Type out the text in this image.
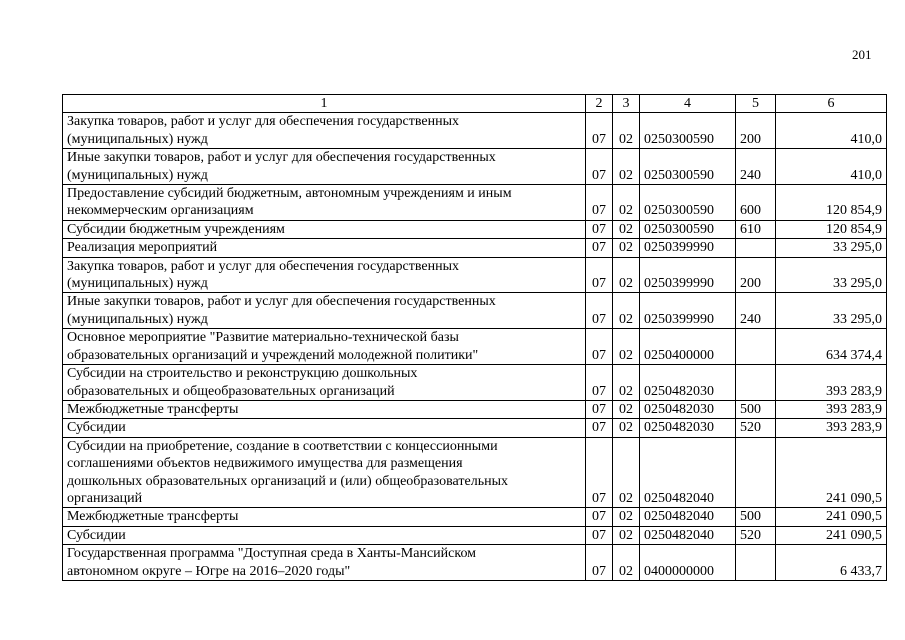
201
1	2	3	4	5	6

Закупка товаров, работ и услуг для обеспечения государственных
(муниципальных) нужд	07	02	0250300590	200	410,0

Иные закупки товаров, работ и услуг для обеспечения государственных
(муниципальных) нужд	07	02	0250300590	240	410,0

Предоставление субсидий бюджетным, автономным учреждениям и иным
некоммерческим организациям	07	02	0250300590	600	120 854,9

Субсидии бюджетным учреждениям	07	02	0250300590	610	120 854,9

Реализация мероприятий	07	02	0250399990		33 295,0

Закупка товаров, работ и услуг для обеспечения государственных
(муниципальных) нужд	07	02	0250399990	200	33 295,0

Иные закупки товаров, работ и услуг для обеспечения государственных
(муниципальных) нужд	07	02	0250399990	240	33 295,0

Основное мероприятие "Развитие материально-технической базы
образовательных организаций и учреждений молодежной политики"	07	02	0250400000		634 374,4

Субсидии на строительство и реконструкцию дошкольных
образовательных и общеобразовательных организаций	07	02	0250482030		393 283,9

Межбюджетные трансферты	07	02	0250482030	500	393 283,9

Субсидии	07	02	0250482030	520	393 283,9

Субсидии на приобретение, создание в соответствии с концессионными
соглашениями объектов недвижимого имущества для размещения
дошкольных образовательных организаций и (или) общеобразовательных
организаций	07	02	0250482040		241 090,5

Межбюджетные трансферты	07	02	0250482040	500	241 090,5

Субсидии	07	02	0250482040	520	241 090,5

Государственная программа "Доступная среда в Ханты-Мансийском
автономном округе – Югре на 2016–2020 годы"	07	02	0400000000		6 433,7
